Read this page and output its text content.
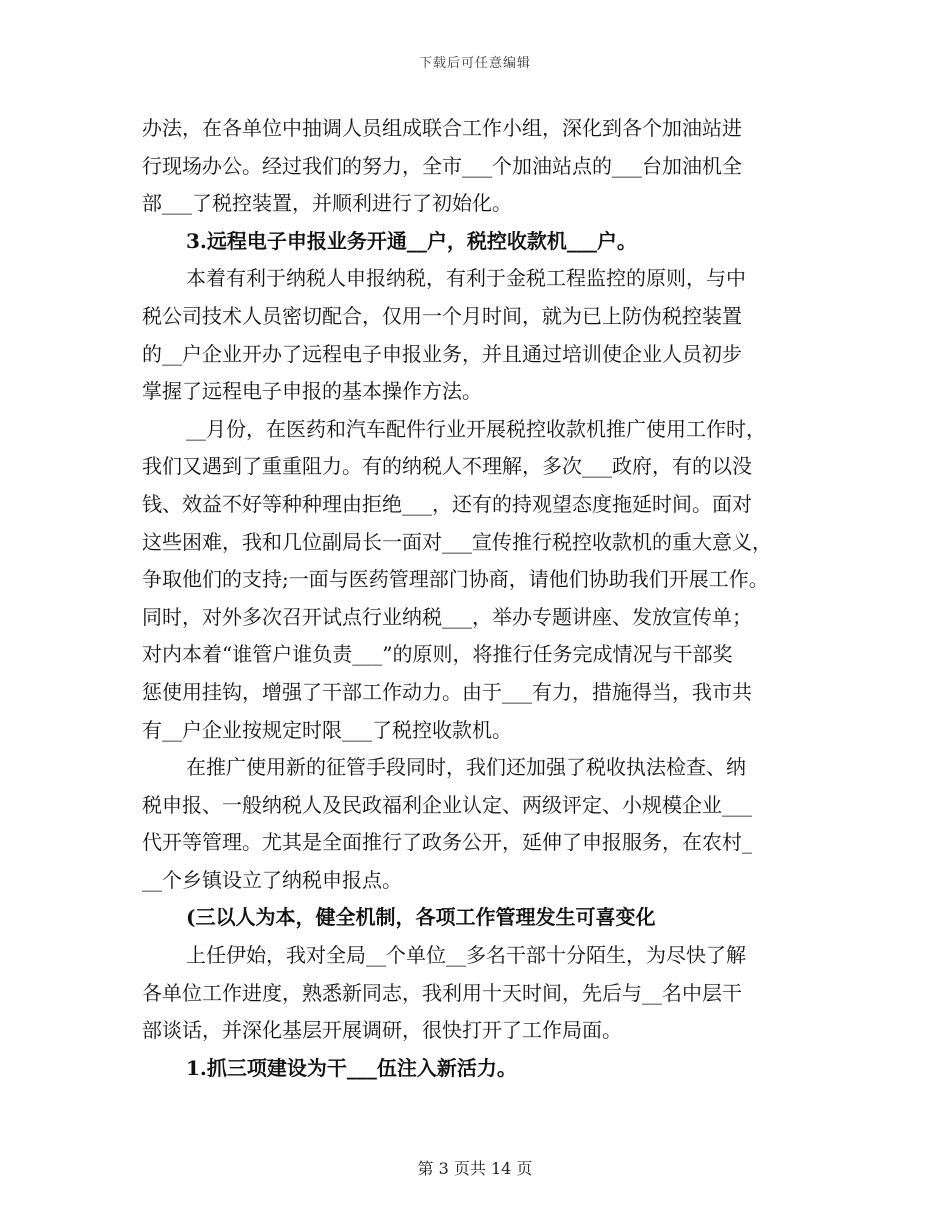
下载后可任意编辑
办法，在各单位中抽调人员组成联合工作小组，深化到各个加油站进
行现场办公。经过我们的努力，全市___个加油站点的___台加油机全
部___了税控装置，并顺利进行了初始化。
3.远程电子申报业务开通__户，税控收款机___户。
本着有利于纳税人申报纳税，有利于金税工程监控的原则，与中
税公司技术人员密切配合，仅用一个月时间，就为已上防伪税控装置
的__户企业开办了远程电子申报业务，并且通过培训使企业人员初步
掌握了远程电子申报的基本操作方法。
__月份，在医药和汽车配件行业开展税控收款机推广使用工作时，
我们又遇到了重重阻力。有的纳税人不理解，多次___政府，有的以没
钱、效益不好等种种理由拒绝___，还有的持观望态度拖延时间。面对
这些困难，我和几位副局长一面对___宣传推行税控收款机的重大意义，
争取他们的支持;一面与医药管理部门协商，请他们协助我们开展工作。
同时，对外多次召开试点行业纳税___，举办专题讲座、发放宣传单；
对内本着“谁管户谁负责___”的原则，将推行任务完成情况与干部奖
惩使用挂钩，增强了干部工作动力。由于___有力，措施得当，我市共
有__户企业按规定时限___了税控收款机。
在推广使用新的征管手段同时，我们还加强了税收执法检查、纳
税申报、一般纳税人及民政福利企业认定、两级评定、小规模企业___
代开等管理。尤其是全面推行了政务公开，延伸了申报服务，在农村_
__个乡镇设立了纳税申报点。
(三以人为本，健全机制，各项工作管理发生可喜变化
上任伊始，我对全局__个单位__多名干部十分陌生，为尽快了解
各单位工作进度，熟悉新同志，我利用十天时间，先后与__名中层干
部谈话，并深化基层开展调研，很快打开了工作局面。
1.抓三项建设为干___伍注入新活力。
第 3 页共 14 页
